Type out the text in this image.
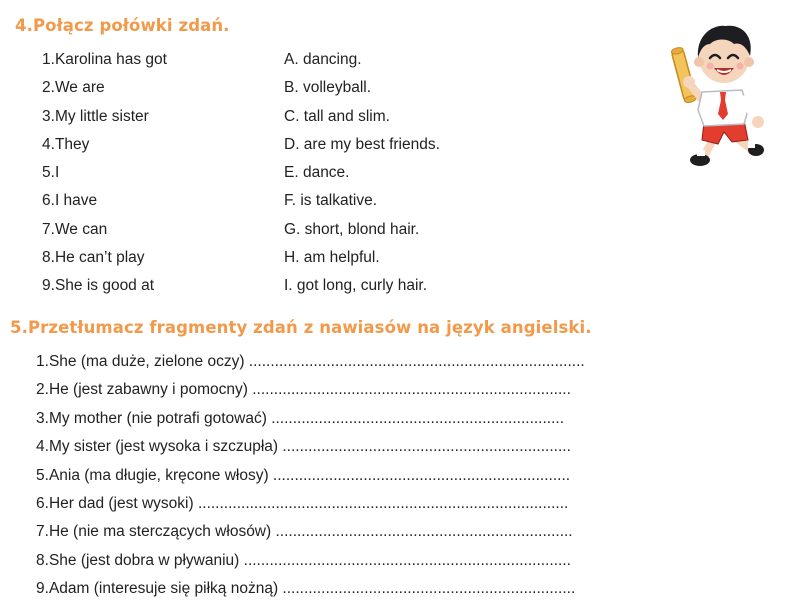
4.Połącz połówki zdań.
1.Karolina has got
2.We are
3.My little sister
4.They
5.I
6.I have
7.We can
8.He can’t play
9.She is good at
A. dancing.
B. volleyball.
C. tall and slim.
D. are my best friends.
E. dance.
F. is talkative.
G. short, blond hair.
H. am helpful.
I. got long, curly hair.
5.Przetłumacz fragmenty zdań z nawiasów na język angielski.
1.She (ma duże, zielone oczy) ..............................................................................
2.He (jest zabawny i pomocny) ..........................................................................
3.My mother (nie potrafi gotować) ....................................................................
4.My sister (jest wysoka i szczupła) ...................................................................
5.Ania (ma długie, kręcone włosy) .....................................................................
6.Her dad (jest wysoki) ......................................................................................
7.He (nie ma sterczących włosów) .....................................................................
8.She (jest dobra w pływaniu) ............................................................................
9.Adam (interesuje się piłką nożną) ....................................................................
